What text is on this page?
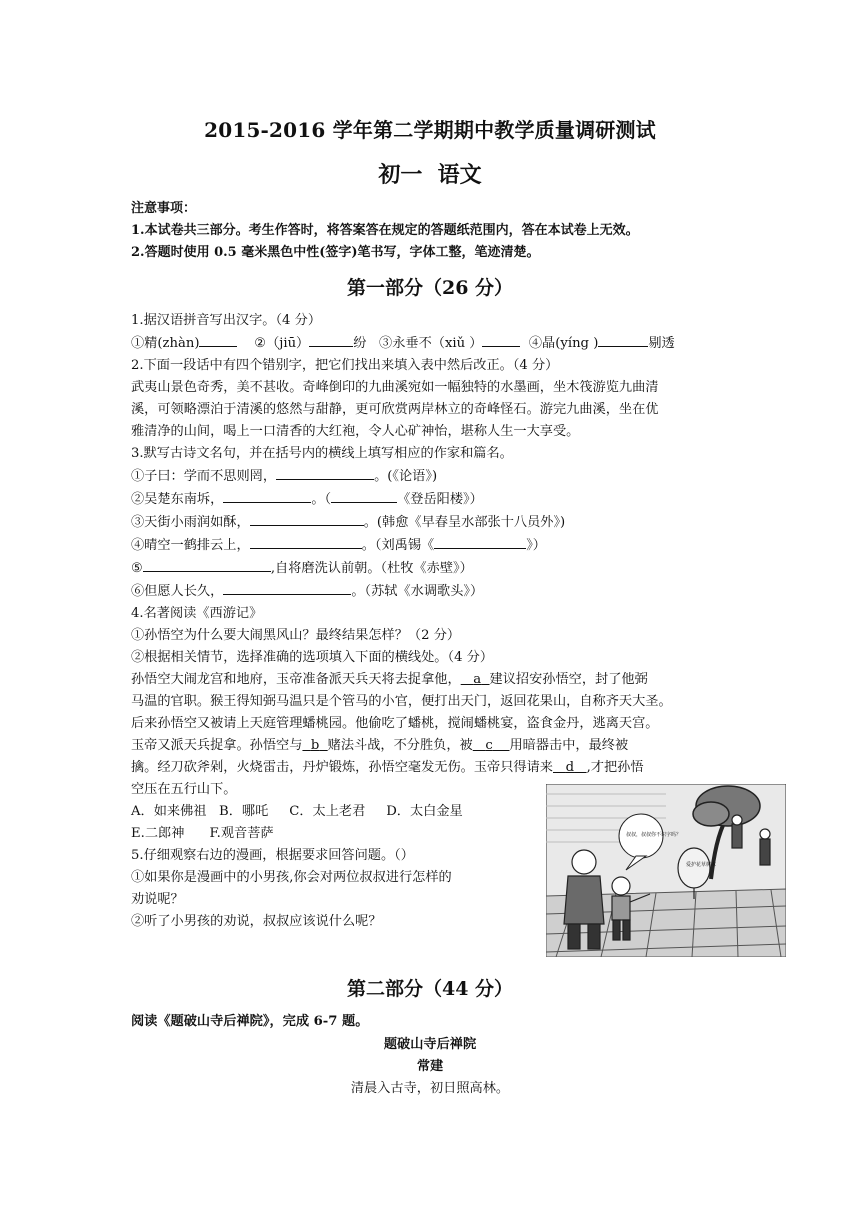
2015-2016 学年第二学期期中教学质量调研测试
初一  语文
注意事项：
1.本试卷共三部分。考生作答时，将答案答在规定的答题纸范围内，答在本试卷上无效。
2.答题时使用 0.5 毫米黑色中性(签字)笔书写，字体工整，笔迹清楚。
第一部分（26 分）
1.据汉语拼音写出汉字。（4 分）
①精(zhàn)	②（jiū）	纷 ③永垂不（xiǔ ）	④晶(yíng )	剔透
2.下面一段话中有四个错别字，把它们找出来填入表中然后改正。（4 分）
武夷山景色奇秀，美不甚收。奇峰倒印的九曲溪宛如一幅独特的水墨画，坐木筏游览九曲清
溪，可领略漂泊于清溪的悠然与甜静，更可欣赏两岸林立的奇峰怪石。游完九曲溪，坐在优
雅清净的山间，喝上一口清香的大红袍，令人心矿神怡，堪称人生一大享受。
3.默写古诗文名句，并在括号内的横线上填写相应的作家和篇名。
①子曰：学而不思则罔，	。(《论语》)
②吴楚东南坼，	。（	《登岳阳楼》）
③天街小雨润如酥，	。(韩愈《早春呈水部张十八员外》)
④晴空一鹤排云上，	。（刘禹锡《	》）
⑤	,自将磨洗认前朝。（杜牧《赤壁》）
⑥但愿人长久，	。（苏轼《水调歌头》）
4.名著阅读《西游记》
①孙悟空为什么要大闹黑风山？最终结果怎样？（2 分）
②根据相关情节，选择准确的选项填入下面的横线处。（4 分）
孙悟空大闹龙宫和地府，玉帝准备派天兵天将去捉拿他， a 建议招安孙悟空，封了他弼
马温的官职。猴王得知弼马温只是个管马的小官，便打出天门，返回花果山，自称齐天大圣。
后来孙悟空又被请上天庭管理蟠桃园。他偷吃了蟠桃，搅闹蟠桃宴，盗食金丹，逃离天宫。
玉帝又派天兵捉拿。孙悟空与 b 赌法斗战，不分胜负，被 c 用暗器击中，最终被
擒。经刀砍斧剁，火烧雷击，丹炉锻炼，孙悟空毫发无伤。玉帝只得请来 d ,才把孙悟
空压在五行山下。
A．如来佛祖   B．哪吒     C．太上老君     D．太白金星
E.二郎神      F.观音菩萨
5.仔细观察右边的漫画，根据要求回答问题。（）
①如果你是漫画中的小男孩,你会对两位叔叔进行怎样的
劝说呢？
②听了小男孩的劝说，叔叔应该说什么呢？
爱护花草树木
叔叔，叔叔你不识字吗？
第二部分（44 分）
阅读《题破山寺后禅院》，完成 6-7 题。
题破山寺后禅院
常建
清晨入古寺，初日照高林。
